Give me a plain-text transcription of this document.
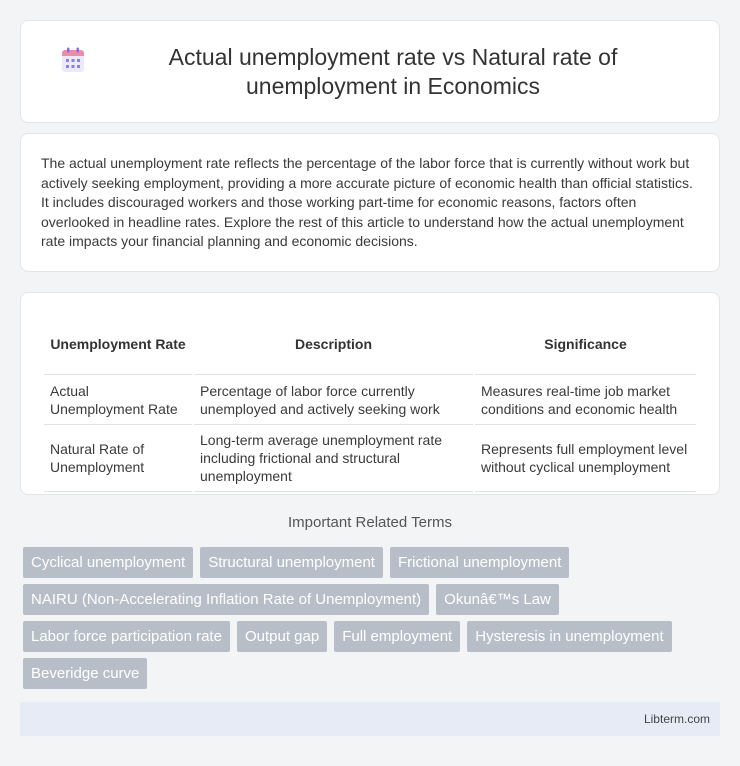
Actual unemployment rate vs Natural rate of unemployment in Economics

The actual unemployment rate reflects the percentage of the labor force that is currently without work but actively seeking employment, providing a more accurate picture of economic health than official statistics. It includes discouraged workers and those working part-time for economic reasons, factors often overlooked in headline rates. Explore the rest of this article to understand how the actual unemployment rate impacts your financial planning and economic decisions.

Unemployment Rate	Description	Significance
Actual Unemployment Rate	Percentage of labor force currently unemployed and actively seeking work	Measures real-time job market conditions and economic health
Natural Rate of Unemployment	Long-term average unemployment rate including frictional and structural unemployment	Represents full employment level without cyclical unemployment
Important Related Terms
Cyclical unemployment	Structural unemployment	Frictional unemployment
NAIRU (Non-Accelerating Inflation Rate of Unemployment)	Okunâ€™s Law
Labor force participation rate	Output gap	Full employment	Hysteresis in unemployment
Beveridge curve
Libterm.com
